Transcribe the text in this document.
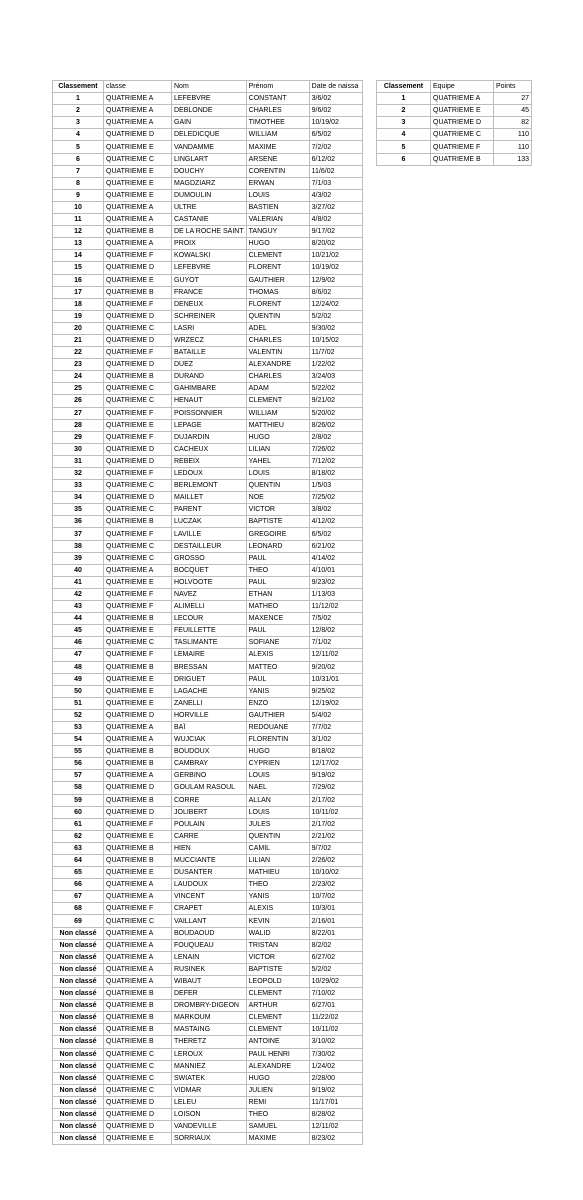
Classement	classe	Nom	Prénom	Date de naissa
1	QUATRIEME A	LEFEBVRE	CONSTANT	3/6/02
2	QUATRIEME A	DEBLONDE	CHARLES	9/6/02
3	QUATRIEME A	GAIN	TIMOTHEE	10/19/02
4	QUATRIEME D	DELEDICQUE	WILLIAM	6/5/02
5	QUATRIEME E	VANDAMME	MAXIME	7/2/02
6	QUATRIEME C	LINGLART	ARSENE	6/12/02
7	QUATRIEME E	DOUCHY	CORENTIN	11/6/02
8	QUATRIEME E	MAGDZIARZ	ERWAN	7/1/03
9	QUATRIEME E	DUMOULIN	LOUIS	4/3/02
10	QUATRIEME A	ULTRE	BASTIEN	3/27/02
11	QUATRIEME A	CASTANIE	VALERIAN	4/8/02
12	QUATRIEME B	DE LA ROCHE SAINT	TANGUY	9/17/02
13	QUATRIEME A	PROIX	HUGO	8/20/02
14	QUATRIEME F	KOWALSKI	CLEMENT	10/21/02
15	QUATRIEME D	LEFEBVRE	FLORENT	10/19/02
16	QUATRIEME E	GUYOT	GAUTHIER	12/9/02
17	QUATRIEME B	FRANCE	THOMAS	8/6/02
18	QUATRIEME F	DENEUX	FLORENT	12/24/02
19	QUATRIEME D	SCHREINER	QUENTIN	5/2/02
20	QUATRIEME C	LASRI	ADEL	9/30/02
21	QUATRIEME D	WRZECZ	CHARLES	10/15/02
22	QUATRIEME F	BATAILLE	VALENTIN	11/7/02
23	QUATRIEME D	DUEZ	ALEXANDRE	1/22/02
24	QUATRIEME B	DURAND	CHARLES	3/24/03
25	QUATRIEME C	GAHIMBARE	ADAM	5/22/02
26	QUATRIEME C	HENAUT	CLEMENT	9/21/02
27	QUATRIEME F	POISSONNIER	WILLIAM	5/20/02
28	QUATRIEME E	LEPAGE	MATTHIEU	8/26/02
29	QUATRIEME F	DUJARDIN	HUGO	2/8/02
30	QUATRIEME D	CACHEUX	LILIAN	7/26/02
31	QUATRIEME D	REBEIX	YAHEL	7/12/02
32	QUATRIEME F	LEDOUX	LOUIS	8/18/02
33	QUATRIEME C	BERLEMONT	QUENTIN	1/5/03
34	QUATRIEME D	MAILLET	NOE	7/25/02
35	QUATRIEME C	PARENT	VICTOR	3/8/02
36	QUATRIEME B	LUCZAK	BAPTISTE	4/12/02
37	QUATRIEME F	LAVILLE	GREGOIRE	6/5/02
38	QUATRIEME C	DESTAILLEUR	LEONARD	6/21/02
39	QUATRIEME C	GROSSO	PAUL	4/14/02
40	QUATRIEME A	BOCQUET	THEO	4/10/01
41	QUATRIEME E	HOLVOOTE	PAUL	9/23/02
42	QUATRIEME F	NAVEZ	ETHAN	1/13/03
43	QUATRIEME F	ALIMELLI	MATHEO	11/12/02
44	QUATRIEME B	LECOUR	MAXENCE	7/5/02
45	QUATRIEME E	FEUILLETTE	PAUL	12/8/02
46	QUATRIEME C	TASLIMANTE	SOFIANE	7/1/02
47	QUATRIEME F	LEMAIRE	ALEXIS	12/11/02
48	QUATRIEME B	BRESSAN	MATTEO	9/20/02
49	QUATRIEME E	DRIGUET	PAUL	10/31/01
50	QUATRIEME E	LAGACHE	YANIS	9/25/02
51	QUATRIEME E	ZANELLI	ENZO	12/19/02
52	QUATRIEME D	HORVILLE	GAUTHIER	5/4/02
53	QUATRIEME A	BAÏ	REDOUANE	7/7/02
54	QUATRIEME A	WUJCIAK	FLORENTIN	3/1/02
55	QUATRIEME B	BOUDOUX	HUGO	8/18/02
56	QUATRIEME B	CAMBRAY	CYPRIEN	12/17/02
57	QUATRIEME A	GERBINO	LOUIS	9/19/02
58	QUATRIEME D	GOULAM RASOUL	NAEL	7/29/02
59	QUATRIEME B	CORRE	ALLAN	2/17/02
60	QUATRIEME D	JOLIBERT	LOUIS	10/11/02
61	QUATRIEME F	POULAIN	JULES	2/17/02
62	QUATRIEME E	CARRE	QUENTIN	2/21/02
63	QUATRIEME B	HIEN	CAMIL	9/7/02
64	QUATRIEME B	MUCCIANTE	LILIAN	2/26/02
65	QUATRIEME E	DUSANTER	MATHIEU	10/10/02
66	QUATRIEME A	LAUDOUX	THEO	2/23/02
67	QUATRIEME A	VINCENT	YANIS	10/7/02
68	QUATRIEME F	CRAPET	ALEXIS	10/3/01
69	QUATRIEME C	VAILLANT	KEVIN	2/16/01
Non classé	QUATRIEME A	BOUDAOUD	WALID	8/22/01
Non classé	QUATRIEME A	FOUQUEAU	TRISTAN	8/2/02
Non classé	QUATRIEME A	LENAIN	VICTOR	6/27/02
Non classé	QUATRIEME A	RUSINEK	BAPTISTE	5/2/02
Non classé	QUATRIEME A	WIBAUT	LEOPOLD	10/29/02
Non classé	QUATRIEME B	DEFER	CLEMENT	7/10/02
Non classé	QUATRIEME B	DROMBRY-DIGEON	ARTHUR	6/27/01
Non classé	QUATRIEME B	MARKOUM	CLEMENT	11/22/02
Non classé	QUATRIEME B	MASTAING	CLEMENT	10/11/02
Non classé	QUATRIEME B	THERETZ	ANTOINE	3/10/02
Non classé	QUATRIEME C	LEROUX	PAUL HENRI	7/30/02
Non classé	QUATRIEME C	MANNIEZ	ALEXANDRE	1/24/02
Non classé	QUATRIEME C	SWIATEK	HUGO	2/28/00
Non classé	QUATRIEME C	VIDMAR	JULIEN	9/19/02
Non classé	QUATRIEME D	LELEU	REMI	11/17/01
Non classé	QUATRIEME D	LOISON	THEO	8/28/02
Non classé	QUATRIEME D	VANDEVILLE	SAMUEL	12/11/02
Non classé	QUATRIEME E	SORRIAUX	MAXIME	8/23/02
Classement	Equipe	Points
1	QUATRIEME A	27
2	QUATRIEME E	45
3	QUATRIEME D	82
4	QUATRIEME C	110
5	QUATRIEME F	110
6	QUATRIEME B	133
